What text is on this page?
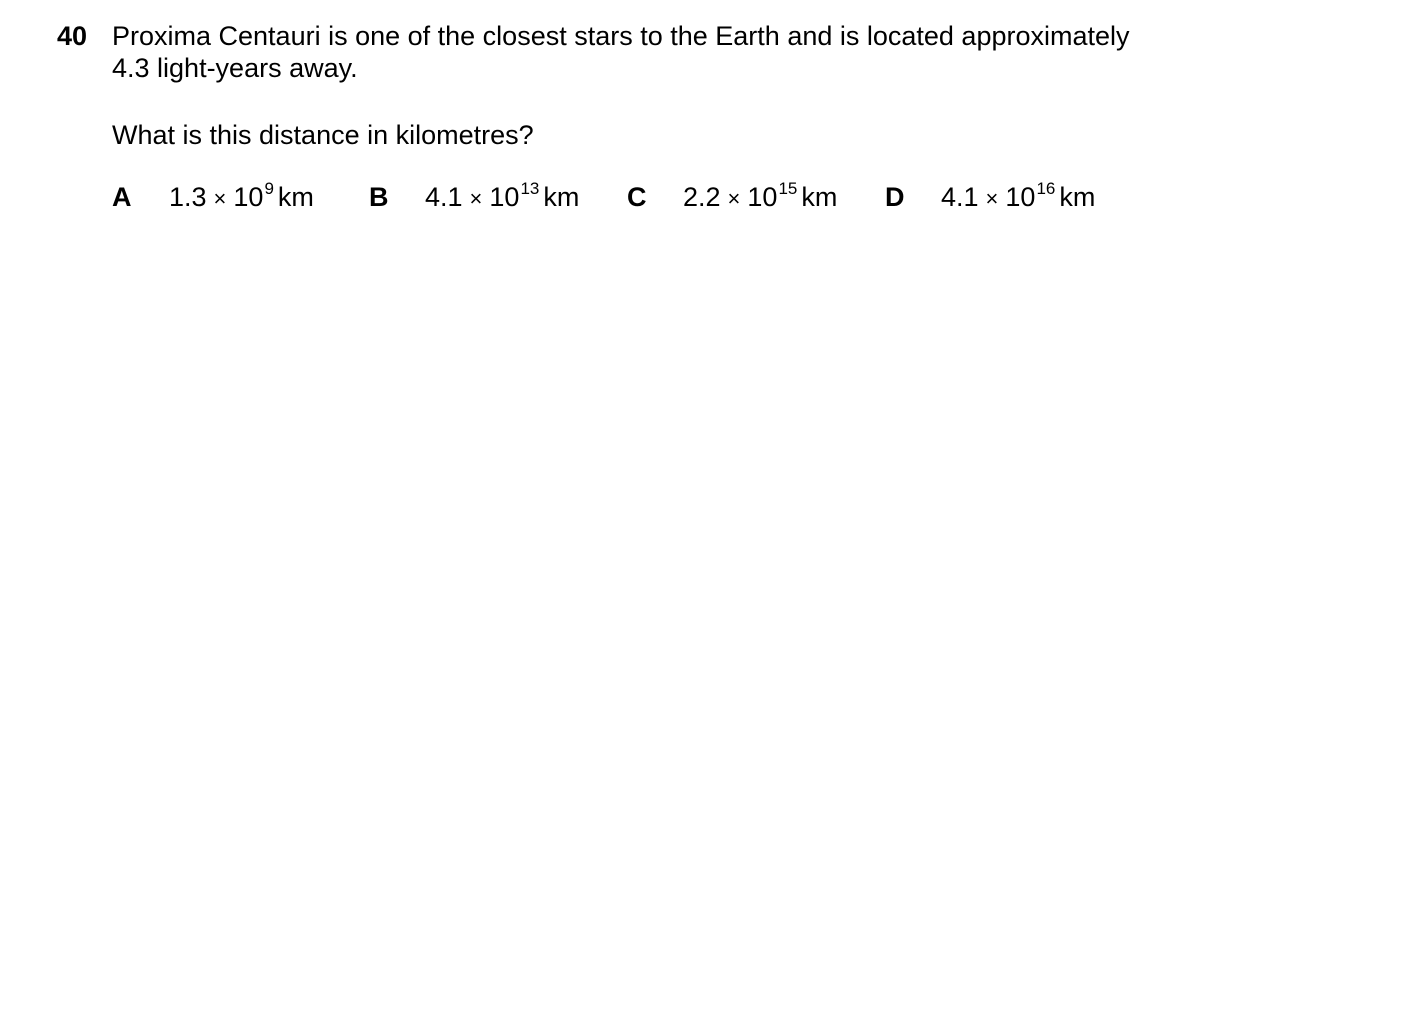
40 Proxima Centauri is one of the closest stars to the Earth and is located approximately
4.3 light-years away.
What is this distance in kilometres?
A $1.3 \times 10^9$ km B $4.1 \times 10^{13}$ km C $2.2 \times 10^{15}$ km D $4.1 \times 10^{16}$ km
